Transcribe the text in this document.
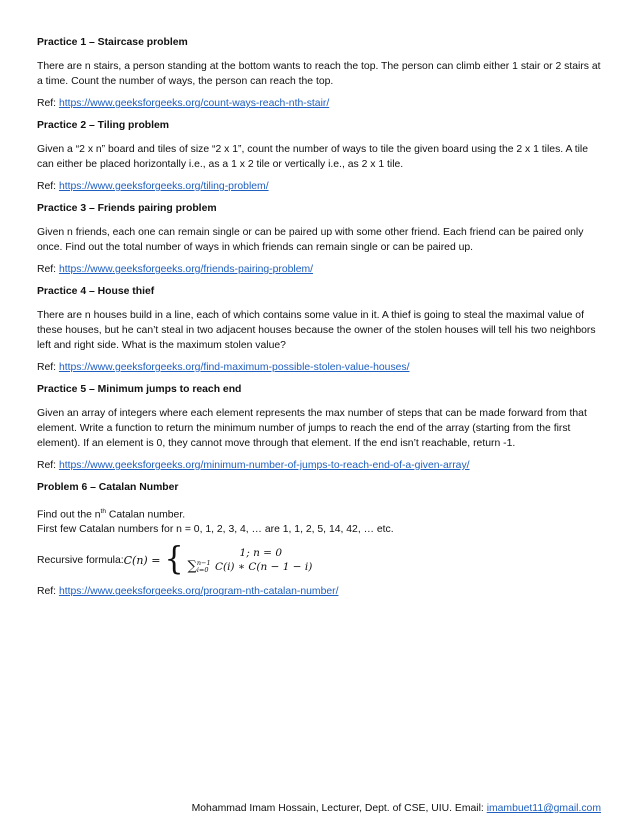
Practice 1 – Staircase problem
There are n stairs, a person standing at the bottom wants to reach the top. The person can climb either 1 stair or 2 stairs at a time. Count the number of ways, the person can reach the top.
Ref: https://www.geeksforgeeks.org/count-ways-reach-nth-stair/
Practice 2 – Tiling problem
Given a “2 x n” board and tiles of size “2 x 1”, count the number of ways to tile the given board using the 2 x 1 tiles. A tile can either be placed horizontally i.e., as a 1 x 2 tile or vertically i.e., as 2 x 1 tile.
Ref: https://www.geeksforgeeks.org/tiling-problem/
Practice 3 – Friends pairing problem
Given n friends, each one can remain single or can be paired up with some other friend. Each friend can be paired only once. Find out the total number of ways in which friends can remain single or can be paired up.
Ref: https://www.geeksforgeeks.org/friends-pairing-problem/
Practice 4 – House thief
There are n houses build in a line, each of which contains some value in it. A thief is going to steal the maximal value of these houses, but he can’t steal in two adjacent houses because the owner of the stolen houses will tell his two neighbors left and right side. What is the maximum stolen value?
Ref: https://www.geeksforgeeks.org/find-maximum-possible-stolen-value-houses/
Practice 5 – Minimum jumps to reach end
Given an array of integers where each element represents the max number of steps that can be made forward from that element. Write a function to return the minimum number of jumps to reach the end of the array (starting from the first element). If an element is 0, they cannot move through that element. If the end isn’t reachable, return -1.
Ref: https://www.geeksforgeeks.org/minimum-number-of-jumps-to-reach-end-of-a-given-array/
Problem 6 – Catalan Number
Find out the $n^{th}$ Catalan number.
First few Catalan numbers for n = 0, 1, 2, 3, 4, … are 1, 1, 2, 5, 14, 42, … etc.
Recursive formula: C(n) = {	1; n = 0
∑ n−1
i=0 C(i) ∗ C(n − 1 − i)
Ref: https://www.geeksforgeeks.org/program-nth-catalan-number/
Mohammad Imam Hossain, Lecturer, Dept. of CSE, UIU. Email: imambuet11@gmail.com
